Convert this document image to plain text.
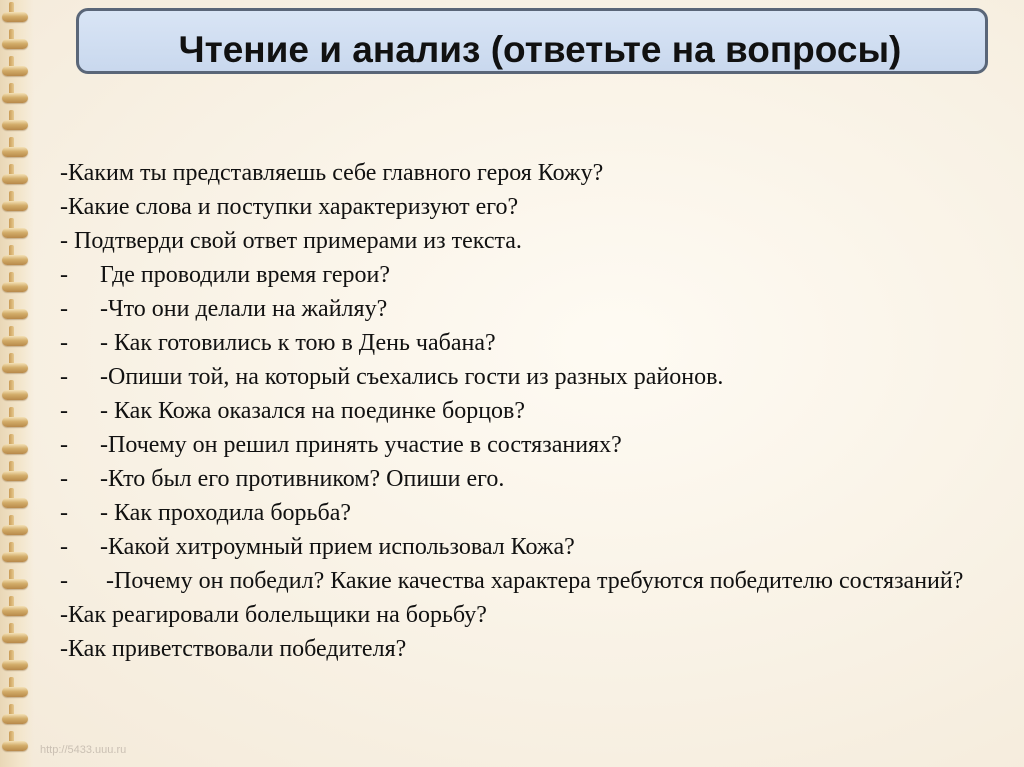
Чтение и анализ (ответьте на вопросы)
-Каким ты представляешь себе главного героя Кожу?
-Какие слова и поступки характеризуют его?
- Подтверди свой ответ примерами из текста.
- Где проводили время герои?
- -Что они делали на жайляу?
- - Как готовились к тою в День чабана?
- -Опиши той, на который съехались гости из разных районов.
- - Как Кожа оказался на поединке борцов?
- -Почему он решил принять участие в состязаниях?
- -Кто был его противником? Опиши его.
- - Как проходила борьба?
- -Какой хитроумный прием использовал Кожа?
- -Почему он победил? Какие качества характера требуются победителю состязаний?
-Как реагировали болельщики на борьбу?
-Как приветствовали победителя?
http://5433.uuu.ru
